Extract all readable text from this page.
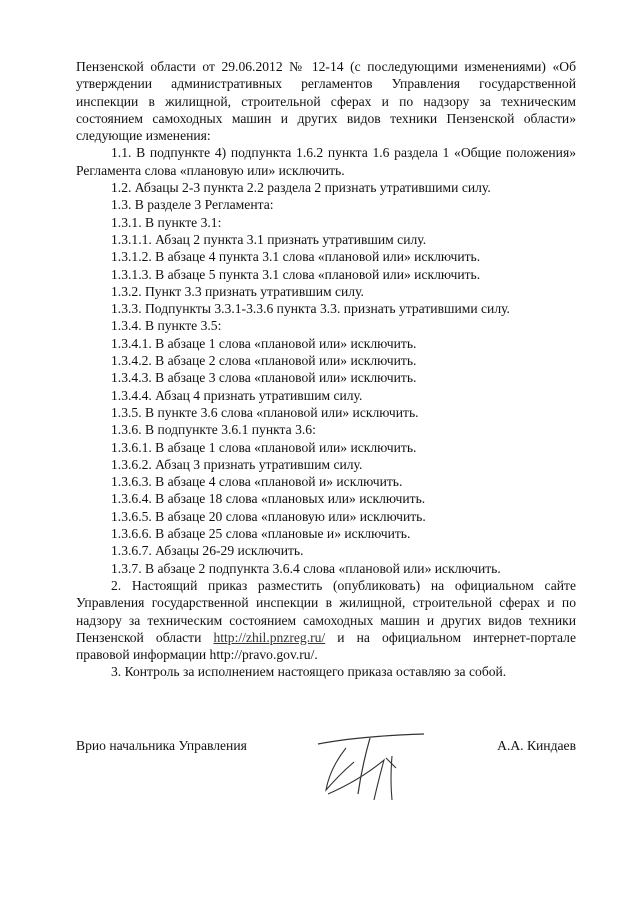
Пензенской области от 29.06.2012 № 12-14 (с последующими изменениями) «Об утверждении административных регламентов Управления государственной инспекции в жилищной, строительной сферах и по надзору за техническим состоянием самоходных машин и других видов техники Пензенской области» следующие изменения:

1.1. В подпункте 4) подпункта 1.6.2 пункта 1.6 раздела 1 «Общие положения» Регламента слова «плановую или» исключить.

1.2. Абзацы 2-3 пункта 2.2 раздела 2 признать утратившими силу.
1.3. В разделе 3 Регламента:
1.3.1. В пункте 3.1:
1.3.1.1. Абзац 2 пункта 3.1 признать утратившим силу.
1.3.1.2. В абзаце 4 пункта 3.1 слова «плановой или» исключить.
1.3.1.3. В абзаце 5 пункта 3.1 слова «плановой или» исключить.
1.3.2. Пункт 3.3 признать утратившим силу.
1.3.3. Подпункты 3.3.1-3.3.6 пункта 3.3. признать утратившими силу.
1.3.4. В пункте 3.5:
1.3.4.1. В абзаце 1 слова «плановой или» исключить.
1.3.4.2. В абзаце 2 слова «плановой или» исключить.
1.3.4.3. В абзаце 3 слова «плановой или» исключить.
1.3.4.4. Абзац 4 признать утратившим силу.
1.3.5. В пункте 3.6 слова «плановой или» исключить.
1.3.6. В подпункте 3.6.1 пункта 3.6:
1.3.6.1. В абзаце 1 слова «плановой или» исключить.
1.3.6.2. Абзац 3 признать утратившим силу.
1.3.6.3. В абзаце 4 слова «плановой и» исключить.
1.3.6.4. В абзаце 18 слова «плановых или» исключить.
1.3.6.5. В абзаце 20 слова «плановую или» исключить.
1.3.6.6. В абзаце 25 слова «плановые и» исключить.
1.3.6.7. Абзацы 26-29 исключить.
1.3.7. В абзаце 2 подпункта 3.6.4 слова «плановой или» исключить.

2. Настоящий приказ разместить (опубликовать) на официальном сайте Управления государственной инспекции в жилищной, строительной сферах и по надзору за техническим состоянием самоходных машин и других видов техники Пензенской области http://zhil.pnzreg.ru/ и на официальном интернет-портале правовой информации http://pravo.gov.ru/.

3. Контроль за исполнением настоящего приказа оставляю за собой.

Врио начальника Управления	А.А. Киндаев
